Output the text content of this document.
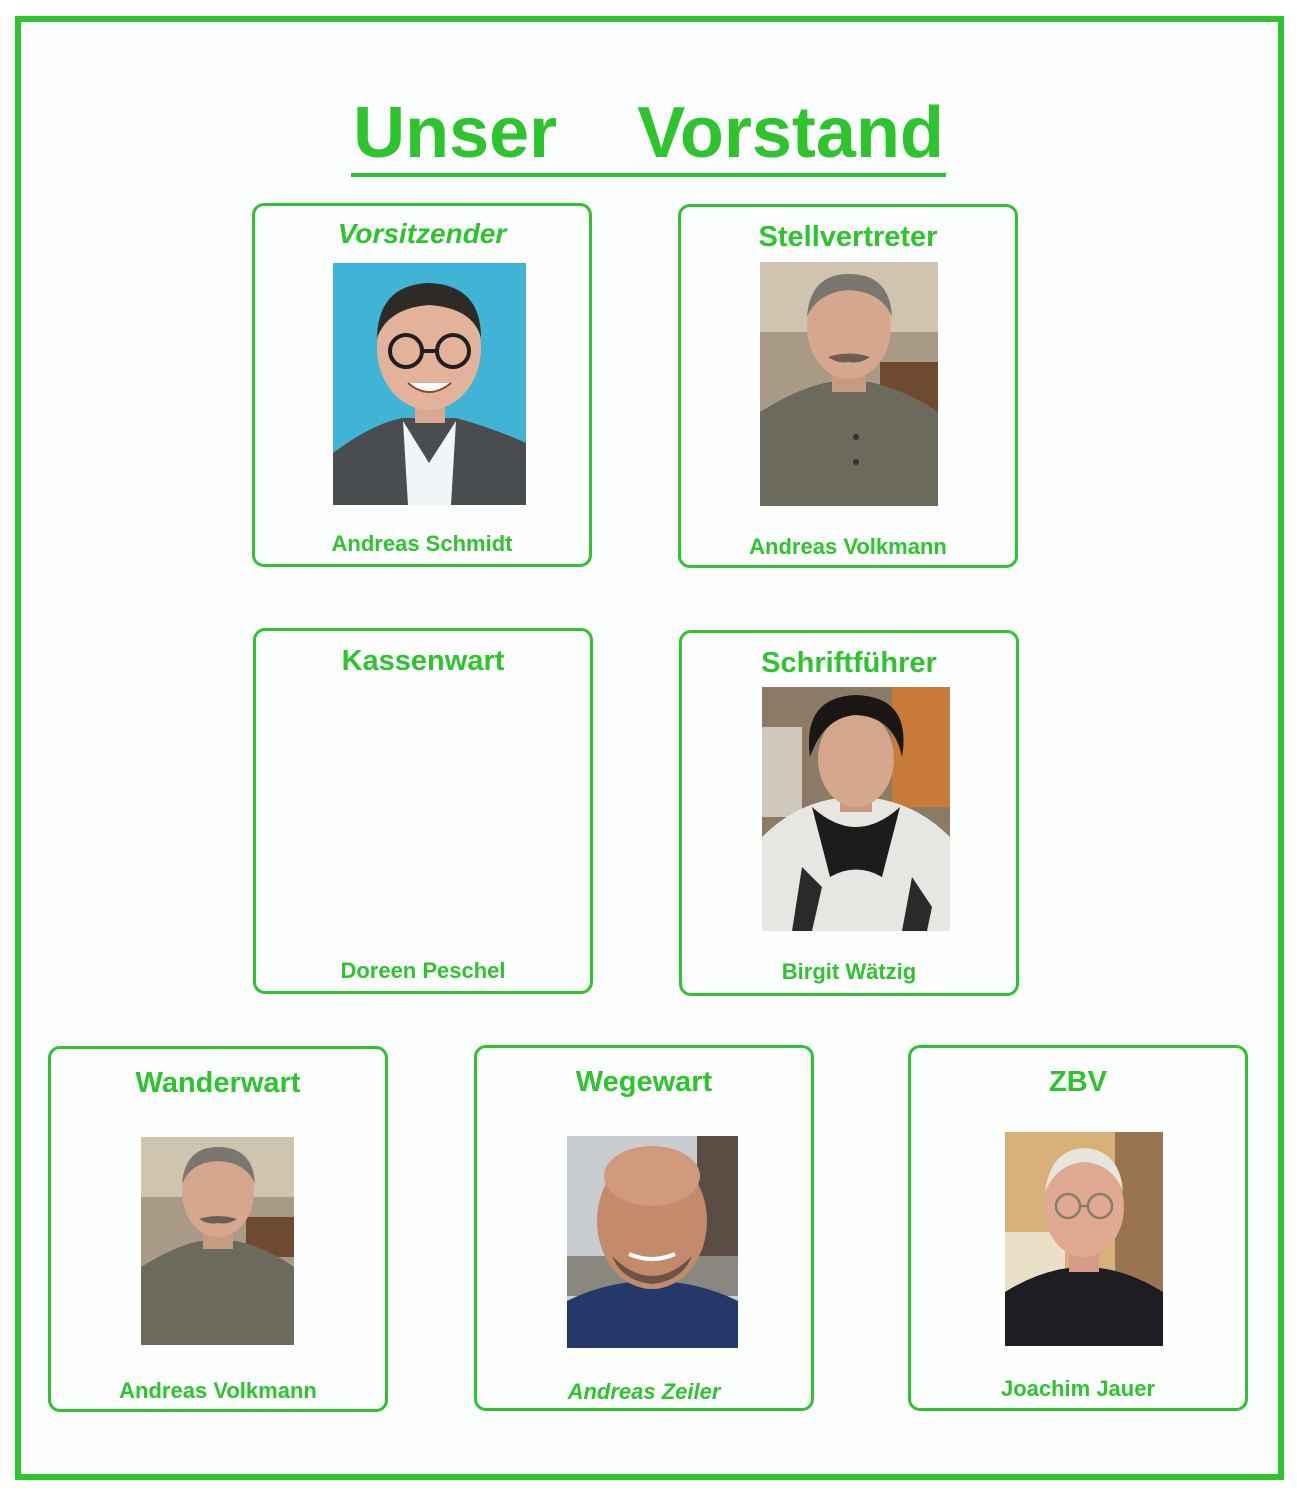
Unser Vorstand
Vorsitzender
Andreas Schmidt
Stellvertreter
Andreas Volkmann
Kassenwart
Doreen Peschel
Schriftführer
Birgit Wätzig
Wanderwart
Andreas Volkmann
Wegewart
Andreas Zeiler
ZBV
Joachim Jauer
